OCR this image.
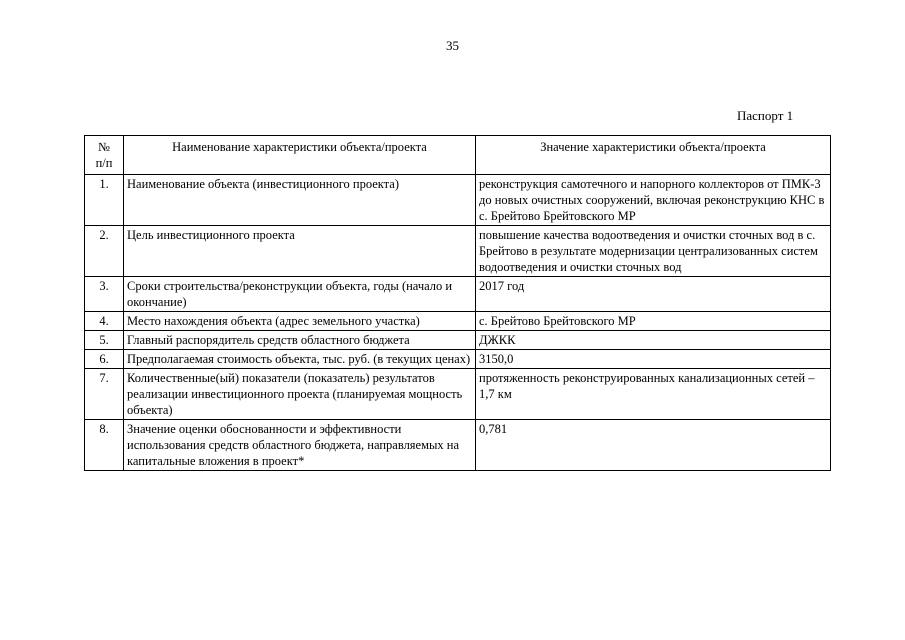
35
Паспорт 1
№
п/п	Наименование характеристики объекта/проекта	Значение характеристики объекта/проекта
1.	Наименование объекта (инвестиционного проекта)	реконструкция самотечного и напорного коллекторов от ПМК-3 до новых очистных сооружений, включая реконструкцию КНС в с. Брейтово Брейтовского МР
2.	Цель инвестиционного проекта	повышение качества водоотведения и очистки сточных вод в с. Брейтово в результате модернизации централизованных систем водоотведения и очистки сточных вод
3.	Сроки строительства/реконструкции объекта, годы (начало и окончание)	2017 год
4.	Место нахождения объекта (адрес земельного участка)	с. Брейтово Брейтовского МР
5.	Главный распорядитель средств областного бюджета	ДЖКК
6.	Предполагаемая стоимость объекта, тыс. руб. (в текущих ценах)	3150,0
7.	Количественные(ый) показатели (показатель) результатов реализации инвестиционного проекта (планируемая мощность объекта)	протяженность реконструированных канализационных сетей – 1,7 км
8.	Значение оценки обоснованности и эффективности использования средств областного бюджета, направляемых на капитальные вложения в проект*	0,781
